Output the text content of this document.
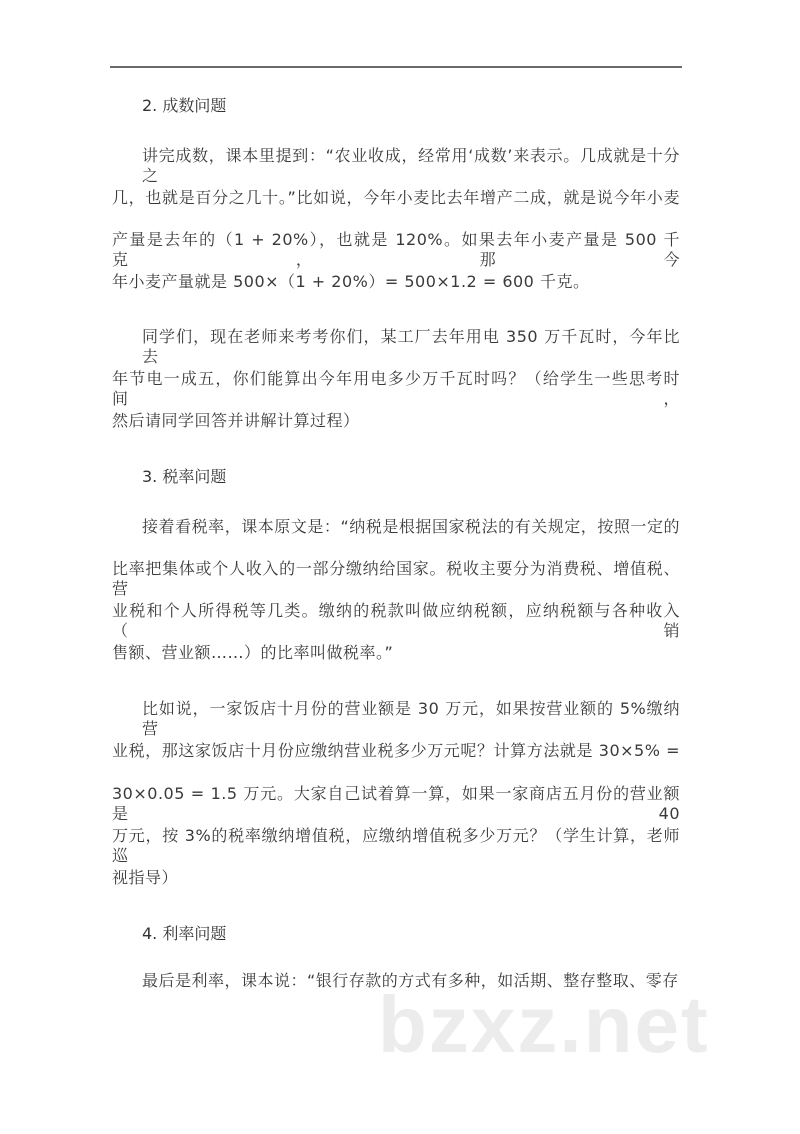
2. 成数问题
讲完成数，课本里提到：“农业收成，经常用‘成数’来表示。几成就是十分之
几，也就是百分之几十。”比如说，今年小麦比去年增产二成，就是说今年小麦
产量是去年的（1 + 20%），也就是 120%。如果去年小麦产量是 500 千克，那今
年小麦产量就是 500×（1 + 20%）= 500×1.2 = 600 千克。
同学们，现在老师来考考你们，某工厂去年用电 350 万千瓦时，今年比去
年节电一成五，你们能算出今年用电多少万千瓦时吗？（给学生一些思考时间，
然后请同学回答并讲解计算过程）
3. 税率问题
接着看税率，课本原文是：“纳税是根据国家税法的有关规定，按照一定的
比率把集体或个人收入的一部分缴纳给国家。税收主要分为消费税、增值税、营
业税和个人所得税等几类。缴纳的税款叫做应纳税额，应纳税额与各种收入（销
售额、营业额……）的比率叫做税率。”
比如说，一家饭店十月份的营业额是 30 万元，如果按营业额的 5%缴纳营
业税，那这家饭店十月份应缴纳营业税多少万元呢？计算方法就是 30×5% =
30×0.05 = 1.5 万元。大家自己试着算一算，如果一家商店五月份的营业额是 40
万元，按 3%的税率缴纳增值税，应缴纳增值税多少万元？（学生计算，老师巡
视指导）
4. 利率问题
最后是利率，课本说：“银行存款的方式有多种，如活期、整存整取、零存
bzxz.net
